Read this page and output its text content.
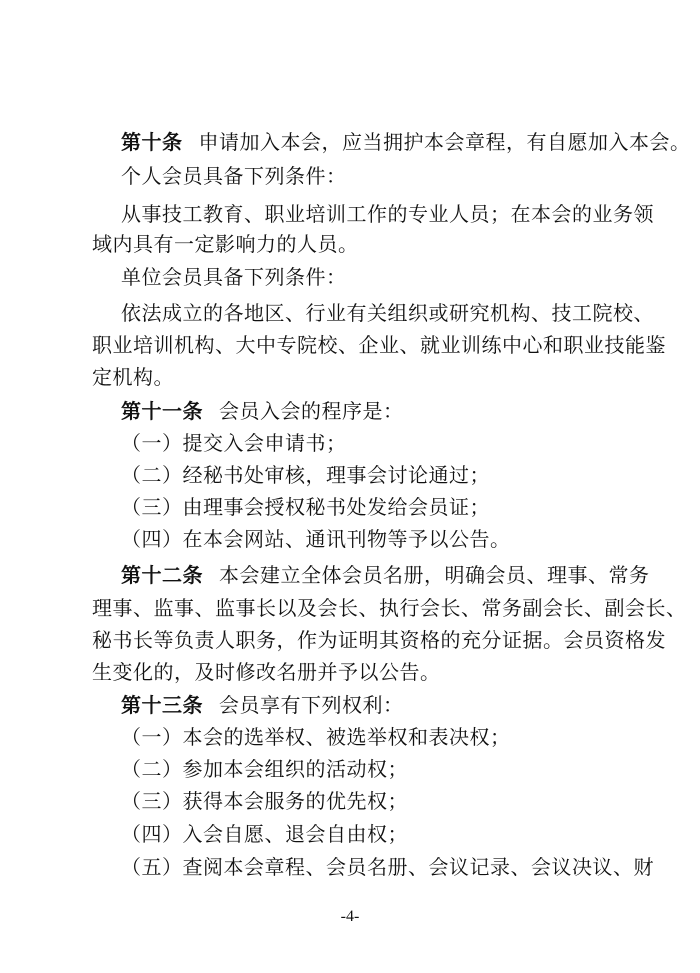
第十条 申请加入本会，应当拥护本会章程，有自愿加入本会。
个人会员具备下列条件：
从事技工教育、职业培训工作的专业人员；在本会的业务领
域内具有一定影响力的人员。
单位会员具备下列条件：
依法成立的各地区、行业有关组织或研究机构、技工院校、
职业培训机构、大中专院校、企业、就业训练中心和职业技能鉴
定机构。
第十一条 会员入会的程序是：
（一）提交入会申请书；
（二）经秘书处审核，理事会讨论通过；
（三）由理事会授权秘书处发给会员证；
（四）在本会网站、通讯刊物等予以公告。
第十二条 本会建立全体会员名册，明确会员、理事、常务
理事、监事、监事长以及会长、执行会长、常务副会长、副会长、
秘书长等负责人职务，作为证明其资格的充分证据。会员资格发
生变化的，及时修改名册并予以公告。
第十三条 会员享有下列权利：
（一）本会的选举权、被选举权和表决权；
（二）参加本会组织的活动权；
（三）获得本会服务的优先权；
（四）入会自愿、退会自由权；
（五）查阅本会章程、会员名册、会议记录、会议决议、财
-4-
